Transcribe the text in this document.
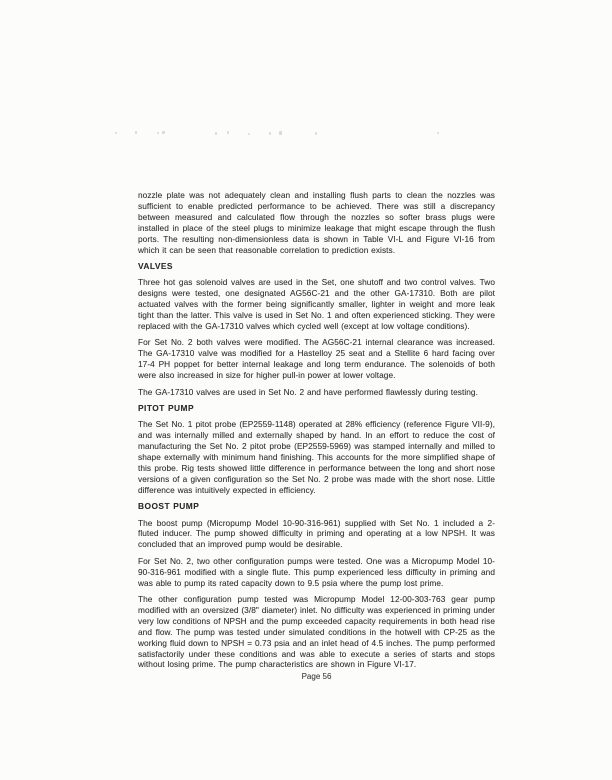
nozzle plate was not adequately clean and installing flush parts to clean the nozzles was sufficient to enable predicted performance to be achieved. There was still a discrepancy between measured and calculated flow through the nozzles so softer brass plugs were installed in place of the steel plugs to minimize leakage that might escape through the flush ports. The resulting non-dimensionless data is shown in Table VI-L and Figure VI-16 from which it can be seen that reasonable correlation to prediction exists.

VALVES

Three hot gas solenoid valves are used in the Set, one shutoff and two control valves. Two designs were tested, one designated AG56C-21 and the other GA-17310. Both are pilot actuated valves with the former being significantly smaller, lighter in weight and more leak tight than the latter. This valve is used in Set No. 1 and often experienced sticking. They were replaced with the GA-17310 valves which cycled well (except at low voltage conditions).

For Set No. 2 both valves were modified. The AG56C-21 internal clearance was increased. The GA-17310 valve was modified for a Hastelloy 25 seat and a Stellite 6 hard facing over 17-4 PH poppet for better internal leakage and long term endurance. The solenoids of both were also increased in size for higher pull-in power at lower voltage.

The GA-17310 valves are used in Set No. 2 and have performed flawlessly during testing.

PITOT PUMP

The Set No. 1 pitot probe (EP2559-1148) operated at 28% efficiency (reference Figure VII-9), and was internally milled and externally shaped by hand. In an effort to reduce the cost of manufacturing the Set No. 2 pitot probe (EP2559-5969) was stamped internally and milled to shape externally with minimum hand finishing. This accounts for the more simplified shape of this probe. Rig tests showed little difference in performance between the long and short nose versions of a given configuration so the Set No. 2 probe was made with the short nose. Little difference was intuitively expected in efficiency.

BOOST PUMP

The boost pump (Micropump Model 10-90-316-961) supplied with Set No. 1 included a 2-fluted inducer. The pump showed difficulty in priming and operating at a low NPSH. It was concluded that an improved pump would be desirable.

For Set No. 2, two other configuration pumps were tested. One was a Micropump Model 10-90-316-961 modified with a single flute. This pump experienced less difficulty in priming and was able to pump its rated capacity down to 9.5 psia where the pump lost prime.

The other configuration pump tested was Micropump Model 12-00-303-763 gear pump modified with an oversized (3/8" diameter) inlet. No difficulty was experienced in priming under very low conditions of NPSH and the pump exceeded capacity requirements in both head rise and flow. The pump was tested under simulated conditions in the hotwell with CP-25 as the working fluid down to NPSH = 0.73 psia and an inlet head of 4.5 inches. The pump performed satisfactorily under these conditions and was able to execute a series of starts and stops without losing prime. The pump characteristics are shown in Figure VI-17.

Page 56
